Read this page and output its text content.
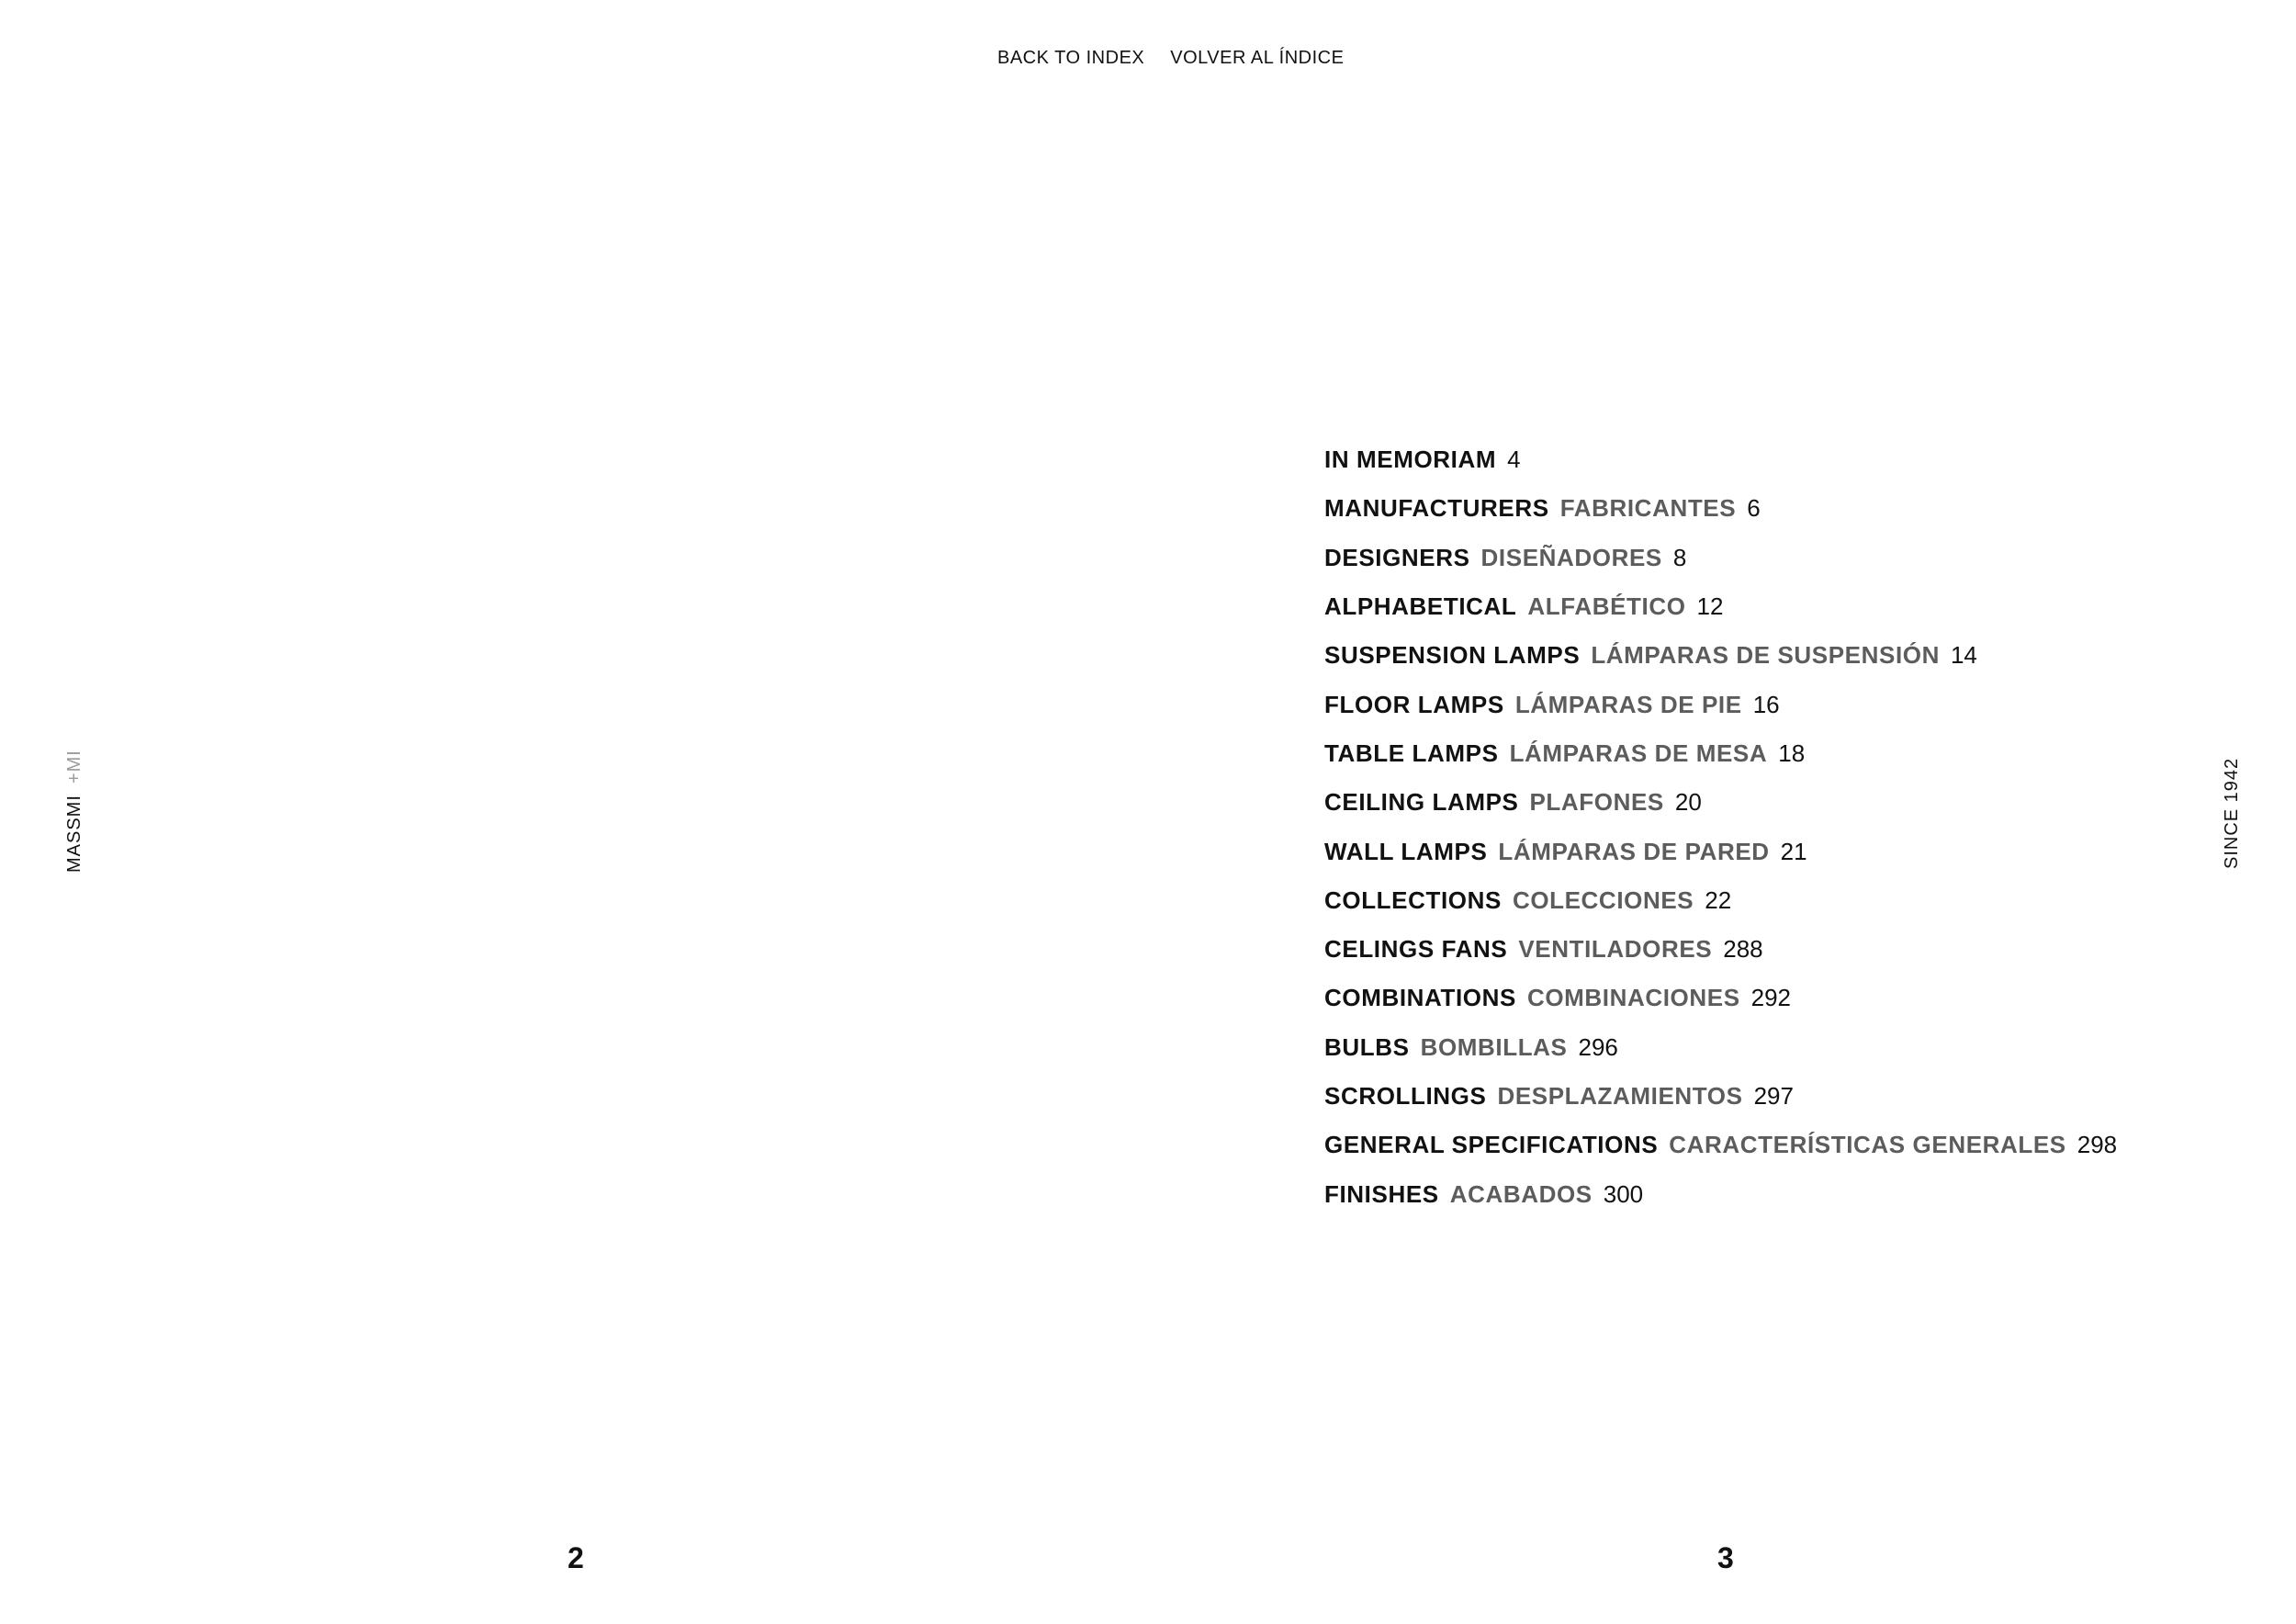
BACK TO INDEX VOLVER AL ÍNDICE
MASSMI
+MI	SINCE 1942
IN MEMORIAM 4
MANUFACTURERS FABRICANTES 6
DESIGNERS DISEÑADORES 8
ALPHABETICAL ALFABÉTICO 12
SUSPENSION LAMPS LÁMPARAS DE SUSPENSIÓN 14
FLOOR LAMPS LÁMPARAS DE PIE 16
TABLE LAMPS LÁMPARAS DE MESA 18
CEILING LAMPS PLAFONES 20
WALL LAMPS LÁMPARAS DE PARED 21
COLLECTIONS COLECCIONES 22
CELINGS FANS VENTILADORES 288
COMBINATIONS COMBINACIONES 292
BULBS BOMBILLAS 296
SCROLLINGS DESPLAZAMIENTOS 297
GENERAL SPECIFICATIONS CARACTERÍSTICAS GENERALES 298
FINISHES ACABADOS 300
2	3
